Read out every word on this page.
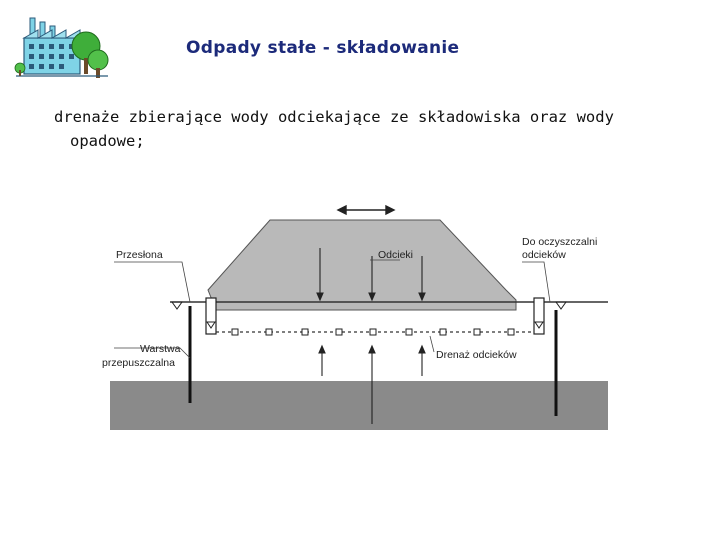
Odpady stałe - składowanie
drenaże zbierające wody odciekające ze składowiska oraz wody opadowe;
Przesłona	Odcieki
Do oczyszczalni
odcieków
Warstwa
przepuszczalna
Drenaż odcieków
